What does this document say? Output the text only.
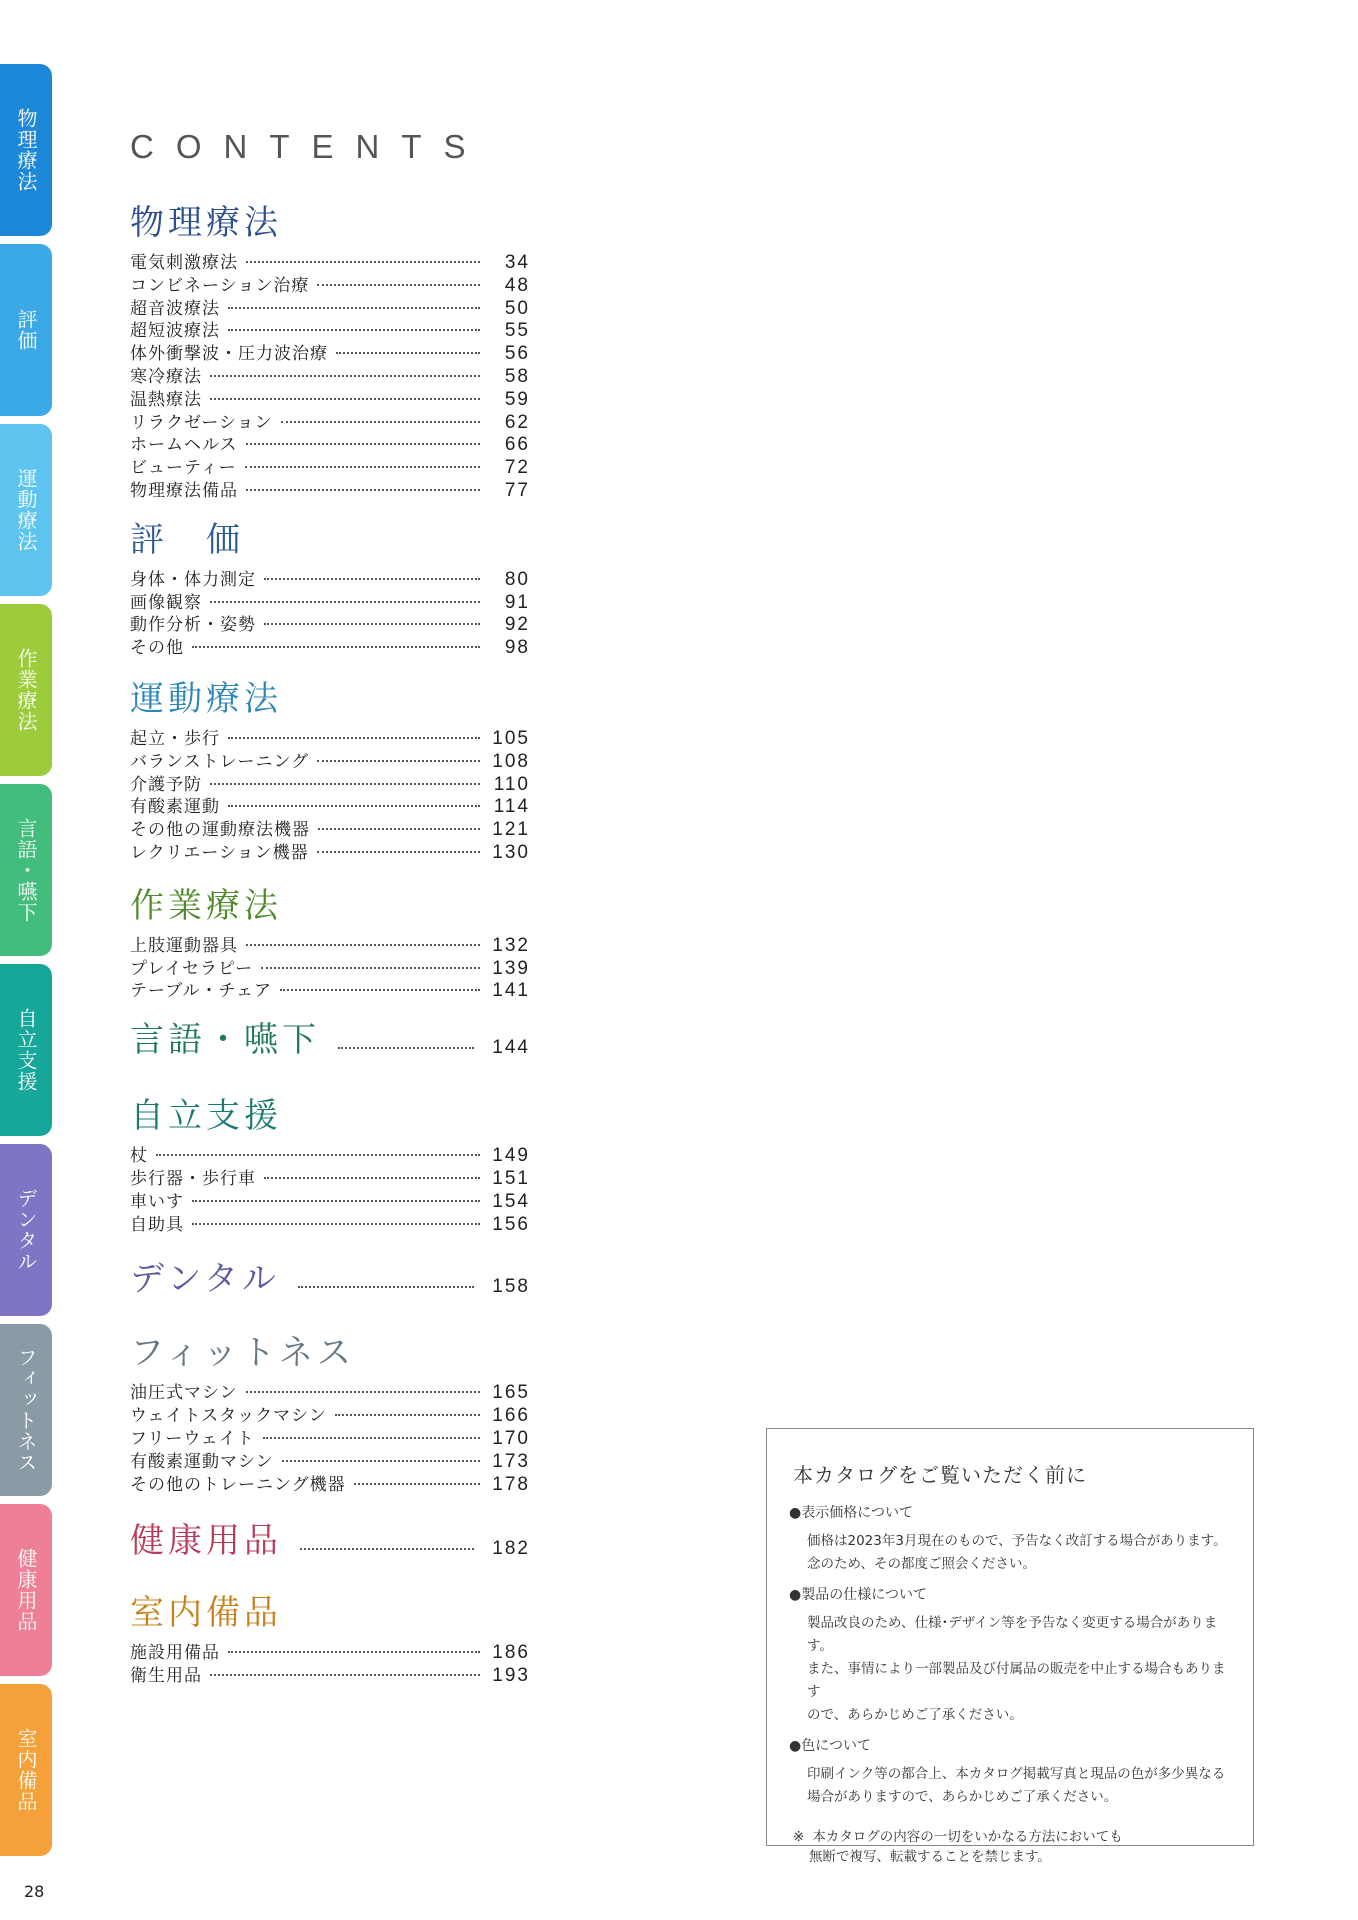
物理療法
評価
運動療法
作業療法
言語・嚥下
自立支援
デンタル
フィットネス
健康用品
室内備品
28
CONTENTS
物理療法
電気刺激療法	34
コンビネーション治療	48
超音波療法	50
超短波療法	55
体外衝撃波・圧力波治療	56
寒冷療法	58
温熱療法	59
リラクゼーション	62
ホームヘルス	66
ビューティー	72
物理療法備品	77
評　価
身体・体力測定	80
画像観察	91
動作分析・姿勢	92
その他	98
運動療法
起立・歩行	105
バランストレーニング	108
介護予防	110
有酸素運動	114
その他の運動療法機器	121
レクリエーション機器	130
作業療法
上肢運動器具	132
プレイセラピー	139
テーブル・チェア	141
言語・嚥下	144
自立支援
杖	149
歩行器・歩行車	151
車いす	154
自助具	156
デンタル	158
フィットネス
油圧式マシン	165
ウェイトスタックマシン	166
フリーウェイト	170
有酸素運動マシン	173
その他のトレーニング機器	178
健康用品	182
室内備品
施設用備品	186
衛生用品	193
本カタログをご覧いただく前に
● 表示価格について
価格は2023年3月現在のもので、予告なく改訂する場合があります。
念のため、その都度ご照会ください。
● 製品の仕様について
製品改良のため、仕様･デザイン等を予告なく変更する場合があります。
また、事情により一部製品及び付属品の販売を中止する場合もあります
ので、あらかじめご了承ください。
● 色について
印刷インク等の都合上、本カタログ掲載写真と現品の色が多少異なる
場合がありますので、あらかじめご了承ください。
※ 本カタログの内容の一切をいかなる方法においても
無断で複写、転載することを禁じます。
